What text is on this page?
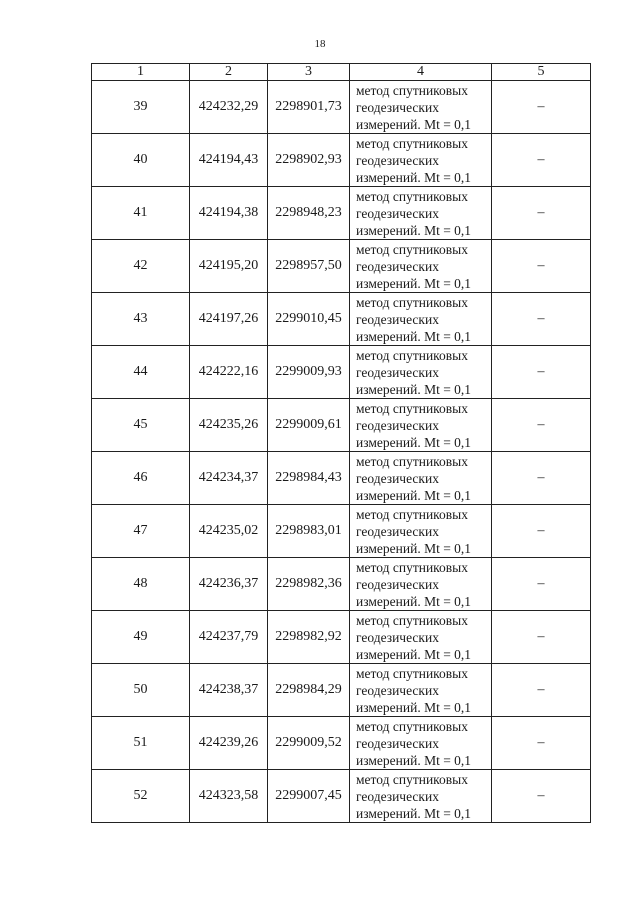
18
1	2	3	4	5
39	424232,29	2298901,73	метод спутниковых геодезических измерений. Mt = 0,1	–
40	424194,43	2298902,93	метод спутниковых геодезических измерений. Mt = 0,1	–
41	424194,38	2298948,23	метод спутниковых геодезических измерений. Mt = 0,1	–
42	424195,20	2298957,50	метод спутниковых геодезических измерений. Mt = 0,1	–
43	424197,26	2299010,45	метод спутниковых геодезических измерений. Mt = 0,1	–
44	424222,16	2299009,93	метод спутниковых геодезических измерений. Mt = 0,1	–
45	424235,26	2299009,61	метод спутниковых геодезических измерений. Mt = 0,1	–
46	424234,37	2298984,43	метод спутниковых геодезических измерений. Mt = 0,1	–
47	424235,02	2298983,01	метод спутниковых геодезических измерений. Mt = 0,1	–
48	424236,37	2298982,36	метод спутниковых геодезических измерений. Mt = 0,1	–
49	424237,79	2298982,92	метод спутниковых геодезических измерений. Mt = 0,1	–
50	424238,37	2298984,29	метод спутниковых геодезических измерений. Mt = 0,1	–
51	424239,26	2299009,52	метод спутниковых геодезических измерений. Mt = 0,1	–
52	424323,58	2299007,45	метод спутниковых геодезических измерений. Mt = 0,1	–
